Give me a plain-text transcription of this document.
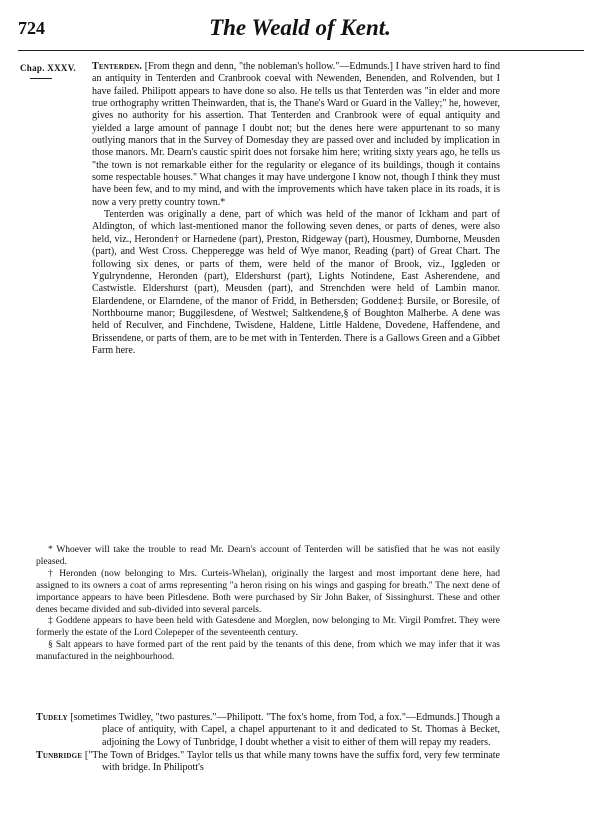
724	The Weald of Kent.
Chap. XXXV.	Tenterden. [From thegn and denn, "the nobleman's hollow."—Edmunds.] I have striven hard to find an antiquity in Tenterden and Cranbrook coeval with Newenden, Benenden, and Rolvenden, but I have failed. Philipott appears to have done so also. He tells us that Tenterden was "in elder and more true orthography written Theinwarden, that is, the Thane's Ward or Guard in the Valley;" he, however, gives no authority for his assertion. That Tenterden and Cranbrook were of equal antiquity and yielded a large amount of pannage I doubt not; but the denes here were appurtenant to so many outlying manors that in the Survey of Domesday they are passed over and included by implication in those manors. Mr. Dearn's caustic spirit does not forsake him here; writing sixty years ago, he tells us "the town is not remarkable either for the regularity or elegance of its buildings, though it contains some respectable houses." What changes it may have undergone I know not, though I think they must have been few, and to my mind, and with the improvements which have taken place in its roads, it is now a very pretty country town.*

Tenterden was originally a dene, part of which was held of the manor of Ickham and part of Aldington, of which last-mentioned manor the following seven denes, or parts of denes, were also held, viz., Heronden† or Harnedene (part), Preston, Ridgeway (part), Housmey, Dumborne, Meusden (part), and West Cross. Chepperegge was held of Wye manor, Reading (part) of Great Chart. The following six denes, or parts of them, were held of the manor of Brook, viz., Iggleden or Ygulryndenne, Heronden (part), Eldershurst (part), Lights Notindene, East Asherendene, and Castwistle. Eldershurst (part), Meusden (part), and Strenchden were held of Lambin manor. Elardendene, or Elarndene, of the manor of Fridd, in Bethersden; Goddene‡ Bursile, or Boresile, of Northbourne manor; Buggilesdene, of Westwel; Saltkendene,§ of Boughton Malherbe. A dene was held of Reculver, and Finchdene, Twisdene, Haldene, Little Haldene, Dovedene, Haffendene, and Brissendene, or parts of them, are to be met with in Tenterden. There is a Gallows Green and a Gibbet Farm here.

* Whoever will take the trouble to read Mr. Dearn's account of Tenterden will be satisfied that he was not easily pleased.

† Heronden (now belonging to Mrs. Curteis-Whelan), originally the largest and most important dene here, had assigned to its owners a coat of arms representing "a heron rising on his wings and gasping for breath." The next dene of importance appears to have been Pitlesdene. Both were purchased by Sir John Baker, of Sissinghurst. These and other denes became divided and sub-divided into several parcels.

‡ Goddene appears to have been held with Gatesdene and Morglen, now belonging to Mr. Virgil Pomfret. They were formerly the estate of the Lord Colepeper of the seventeenth century.

§ Salt appears to have formed part of the rent paid by the tenants of this dene, from which we may infer that it was manufactured in the neighbourhood.

Tudely [sometimes Twidley, "two pastures."—Philipott. "The fox's home, from Tod, a fox."—Edmunds.] Though a place of antiquity, with Capel, a chapel appurtenant to it and dedicated to St. Thomas à Becket, adjoining the Lowy of Tunbridge, I doubt whether a visit to either of them will repay my readers.

Tunbridge ["The Town of Bridges." Taylor tells us that while many towns have the suffix ford, very few terminate with bridge. In Philipott's
